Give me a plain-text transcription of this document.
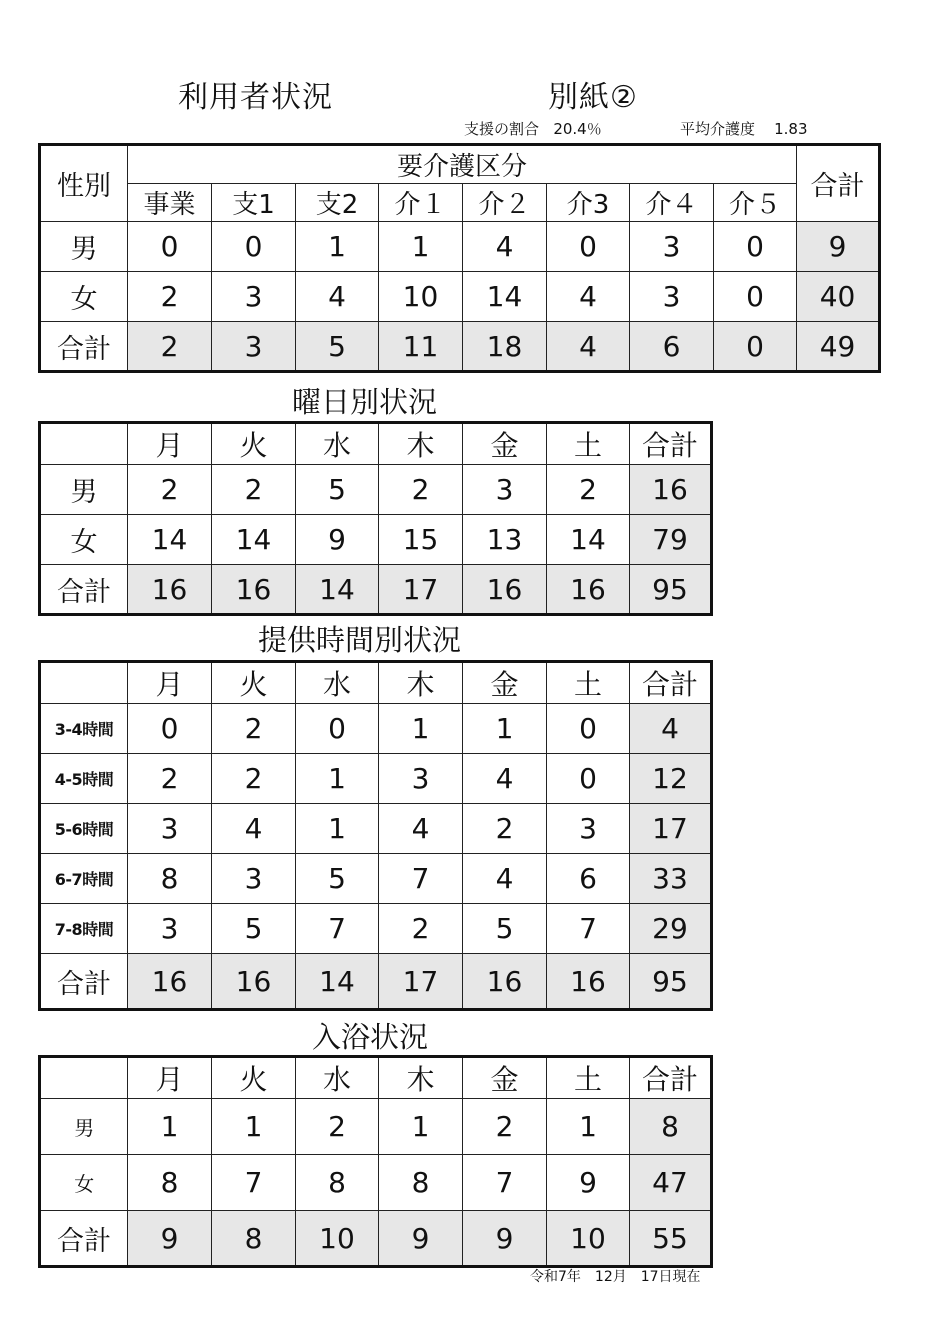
利用者状況	別紙②
支援の割合 20.4％	平均介護度 1.83
性別	要介護区分								合計
	事業	支1	支2	介１	介２	介3	介４	介５	
男	0	0	1	1	4	0	3	0	9
女	2	3	4	10	14	4	3	0	40
合計	2	3	5	11	18	4	6	0	49
曜日別状況
	月	火	水	木	金	土	合計
男	2	2	5	2	3	2	16
女	14	14	9	15	13	14	79
合計	16	16	14	17	16	16	95
提供時間別状況
	月	火	水	木	金	土	合計
3-4時間	0	2	0	1	1	0	4
4-5時間	2	2	1	3	4	0	12
5-6時間	3	4	1	4	2	3	17
6-7時間	8	3	5	7	4	6	33
7-8時間	3	5	7	2	5	7	29
合計	16	16	14	17	16	16	95
入浴状況
	月	火	水	木	金	土	合計
男	1	1	2	1	2	1	8
女	8	7	8	8	7	9	47
合計	9	8	10	9	9	10	55
令和7年　12月　17日現在
